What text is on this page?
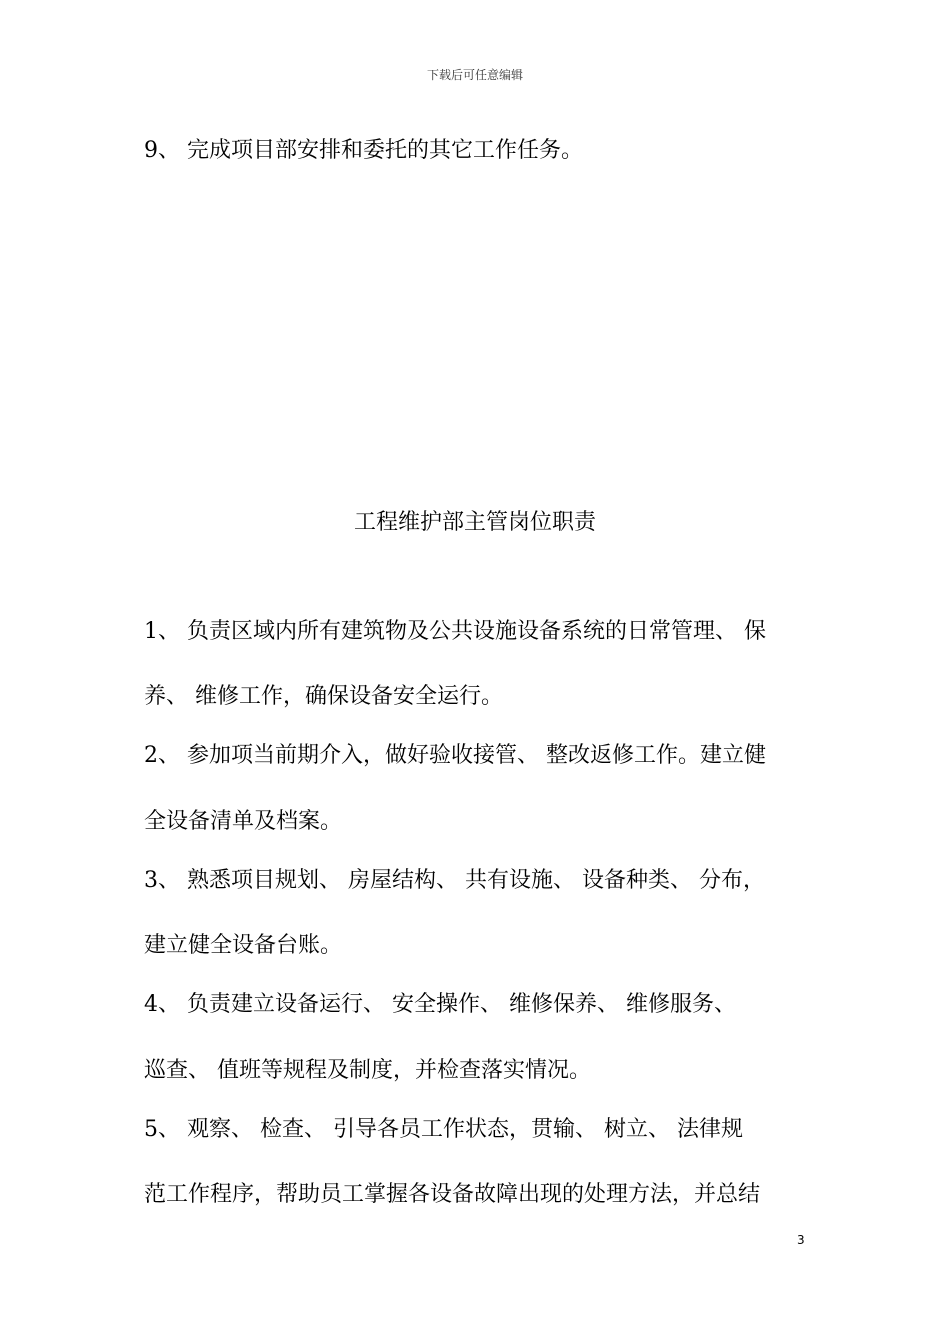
下载后可任意编辑
9、 完成项目部安排和委托的其它工作任务。
工程维护部主管岗位职责
1、 负责区域内所有建筑物及公共设施设备系统的日常管理、 保
养、 维修工作，确保设备安全运行。
2、 参加项当前期介入，做好验收接管、 整改返修工作。建立健
全设备清单及档案。
3、 熟悉项目规划、 房屋结构、 共有设施、 设备种类、 分布，
建立健全设备台账。
4、 负责建立设备运行、 安全操作、 维修保养、 维修服务、
巡查、 值班等规程及制度，并检查落实情况。
5、 观察、 检查、 引导各员工作状态，贯输、 树立、 法律规
范工作程序，帮助员工掌握各设备故障出现的处理方法，并总结
3
